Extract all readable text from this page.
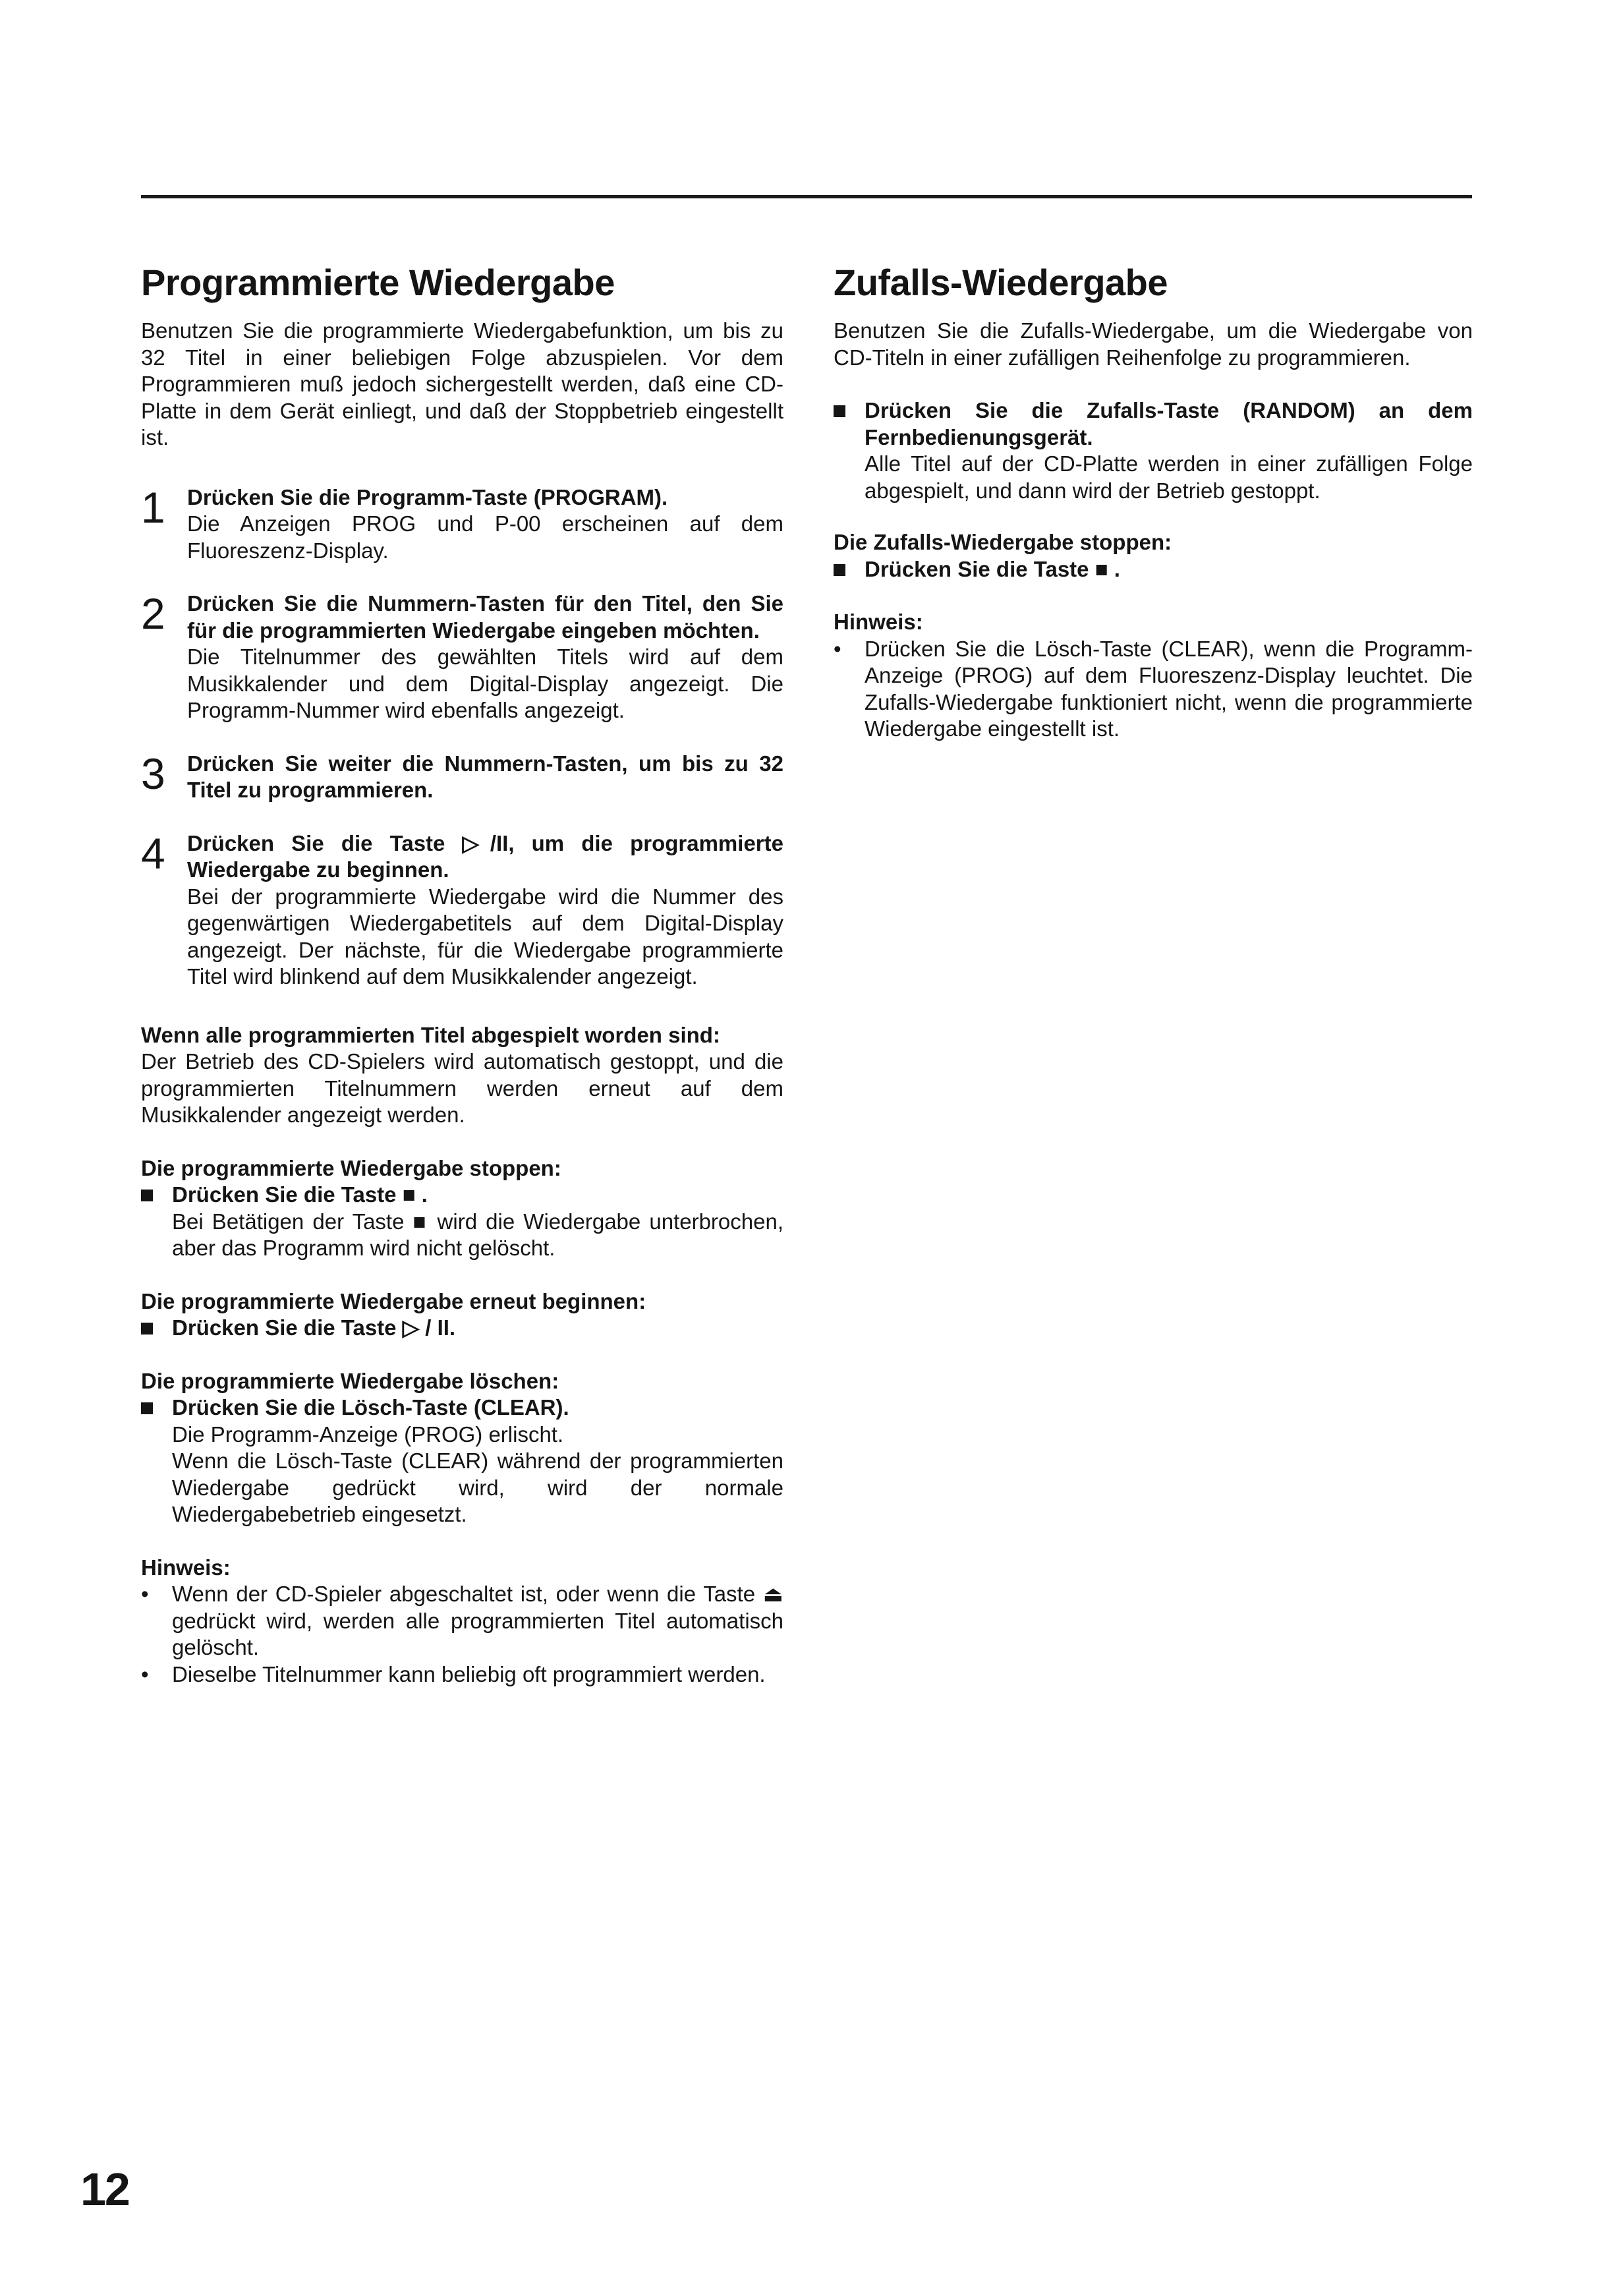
Programmierte Wiedergabe

Benutzen Sie die programmierte Wiedergabefunktion, um bis zu 32 Titel in einer beliebigen Folge abzuspielen. Vor dem Programmieren muß jedoch sichergestellt werden, daß eine CD-Platte in dem Gerät einliegt, und daß der Stoppbetrieb eingestellt ist.

1	Drücken Sie die Programm-Taste (PROGRAM).

Die Anzeigen PROG und P-00 erscheinen auf dem Fluoreszenz-Display.

2	Drücken Sie die Nummern-Tasten für den Titel, den Sie für die programmierten Wiedergabe eingeben möchten.

Die Titelnummer des gewählten Titels wird auf dem Musikkalender und dem Digital-Display angezeigt. Die Programm-Nummer wird ebenfalls angezeigt.

3	Drücken Sie weiter die Nummern-Tasten, um bis zu 32 Titel zu programmieren.

4	Drücken Sie die Taste ▷/II, um die programmierte Wiedergabe zu beginnen.

Bei der programmierte Wiedergabe wird die Nummer des gegenwärtigen Wiedergabetitels auf dem Digital-Display angezeigt. Der nächste, für die Wiedergabe programmierte Titel wird blinkend auf dem Musikkalender angezeigt.

Wenn alle programmierten Titel abgespielt worden sind:

Der Betrieb des CD-Spielers wird automatisch gestoppt, und die programmierten Titelnummern werden erneut auf dem Musikkalender angezeigt werden.

Die programmierte Wiedergabe stoppen:

Drücken Sie die Taste ■ .

Bei Betätigen der Taste ■ wird die Wiedergabe unterbrochen, aber das Programm wird nicht gelöscht.

Die programmierte Wiedergabe erneut beginnen:

Drücken Sie die Taste ▷ / II.

Die programmierte Wiedergabe löschen:

Drücken Sie die Lösch-Taste (CLEAR).

Die Programm-Anzeige (PROG) erlischt.

Wenn die Lösch-Taste (CLEAR) während der programmierten Wiedergabe gedrückt wird, wird der normale Wiedergabebetrieb eingesetzt.

Hinweis:

•	Wenn der CD-Spieler abgeschaltet ist, oder wenn die Taste ⏏ gedrückt wird, werden alle programmierten Titel automatisch gelöscht.

•	Dieselbe Titelnummer kann beliebig oft programmiert werden.

Zufalls-Wiedergabe

Benutzen Sie die Zufalls-Wiedergabe, um die Wiedergabe von CD-Titeln in einer zufälligen Reihenfolge zu programmieren.

Drücken Sie die Zufalls-Taste (RANDOM) an dem Fernbedienungsgerät.

Alle Titel auf der CD-Platte werden in einer zufälligen Folge abgespielt, und dann wird der Betrieb gestoppt.

Die Zufalls-Wiedergabe stoppen:

Drücken Sie die Taste ■ .

Hinweis:

•	Drücken Sie die Lösch-Taste (CLEAR), wenn die Programm-Anzeige (PROG) auf dem Fluoreszenz-Display leuchtet. Die Zufalls-Wiedergabe funktioniert nicht, wenn die programmierte Wiedergabe eingestellt ist.

12
